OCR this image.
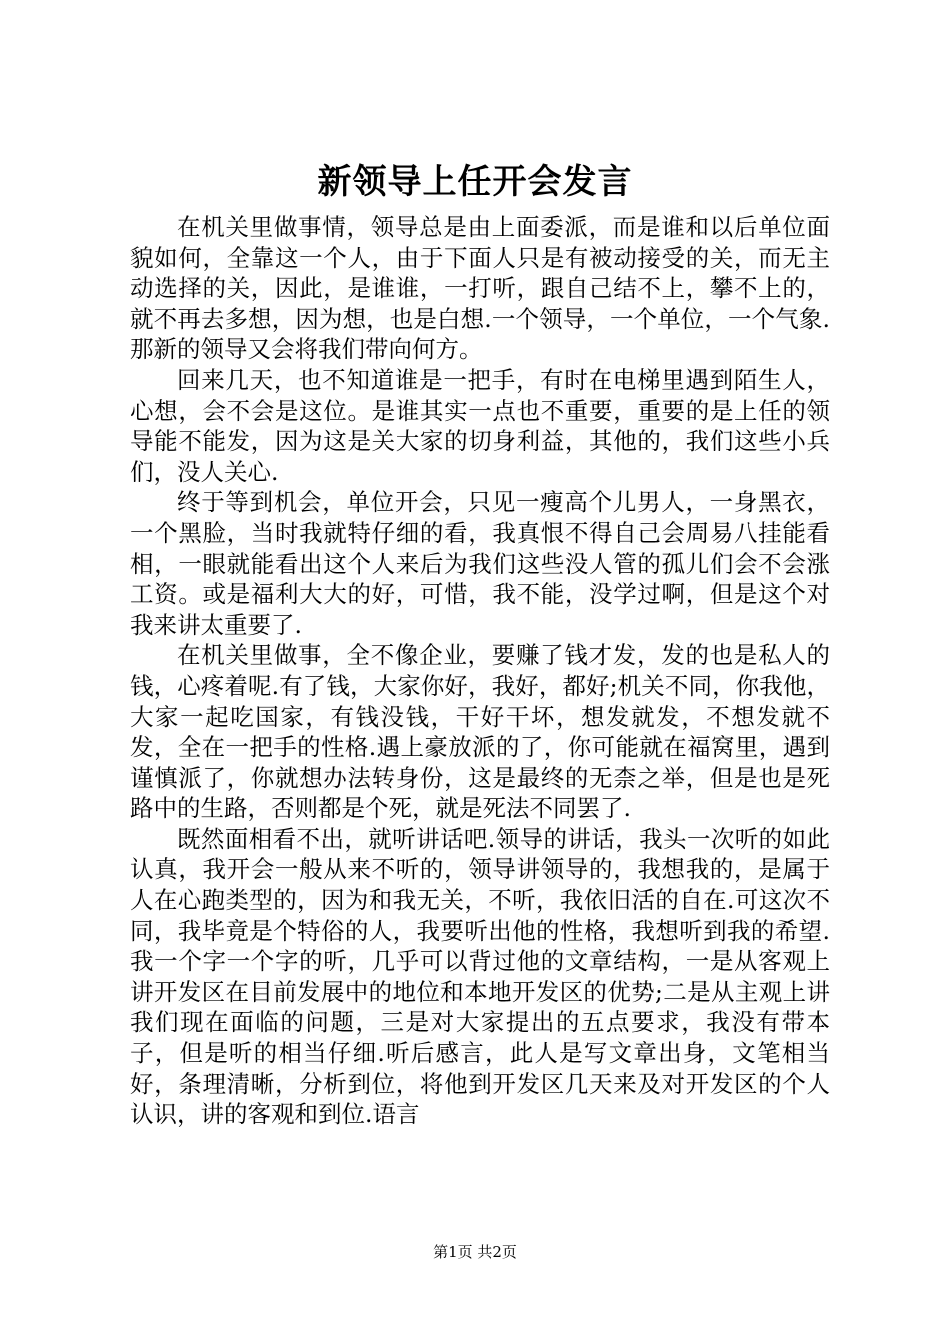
新领导上任开会发言

在机关里做事情，领导总是由上面委派，而是谁和以后单位面貌如何，全靠这一个人，由于下面人只是有被动接受的关，而无主动选择的关，因此，是谁谁，一打听，跟自己结不上，攀不上的，就不再去多想，因为想，也是白想.一个领导，一个单位，一个气象.那新的领导又会将我们带向何方。

回来几天，也不知道谁是一把手，有时在电梯里遇到陌生人，心想，会不会是这位。是谁其实一点也不重要，重要的是上任的领导能不能发，因为这是关大家的切身利益，其他的，我们这些小兵们，没人关心.

终于等到机会，单位开会，只见一瘦高个儿男人，一身黑衣，一个黑脸，当时我就特仔细的看，我真恨不得自己会周易八挂能看相，一眼就能看出这个人来后为我们这些没人管的孤儿们会不会涨工资。或是福利大大的好，可惜，我不能，没学过啊，但是这个对我来讲太重要了.

在机关里做事，全不像企业，要赚了钱才发，发的也是私人的钱，心疼着呢.有了钱，大家你好，我好，都好;机关不同，你我他，大家一起吃国家，有钱没钱，干好干坏，想发就发，不想发就不发，全在一把手的性格.遇上豪放派的了，你可能就在福窝里，遇到谨慎派了，你就想办法转身份，这是最终的无柰之举，但是也是死路中的生路，否则都是个死，就是死法不同罢了.

既然面相看不出，就听讲话吧.领导的讲话，我头一次听的如此认真，我开会一般从来不听的，领导讲领导的，我想我的，是属于人在心跑类型的，因为和我无关，不听，我依旧活的自在.可这次不同，我毕竟是个特俗的人，我要听出他的性格，我想听到我的希望.我一个字一个字的听，几乎可以背过他的文章结构，一是从客观上讲开发区在目前发展中的地位和本地开发区的优势;二是从主观上讲我们现在面临的问题，三是对大家提出的五点要求，我没有带本子，但是听的相当仔细.听后感言，此人是写文章出身，文笔相当好，条理清晰，分析到位，将他到开发区几天来及对开发区的个人认识，讲的客观和到位.语言

第1页 共2页
